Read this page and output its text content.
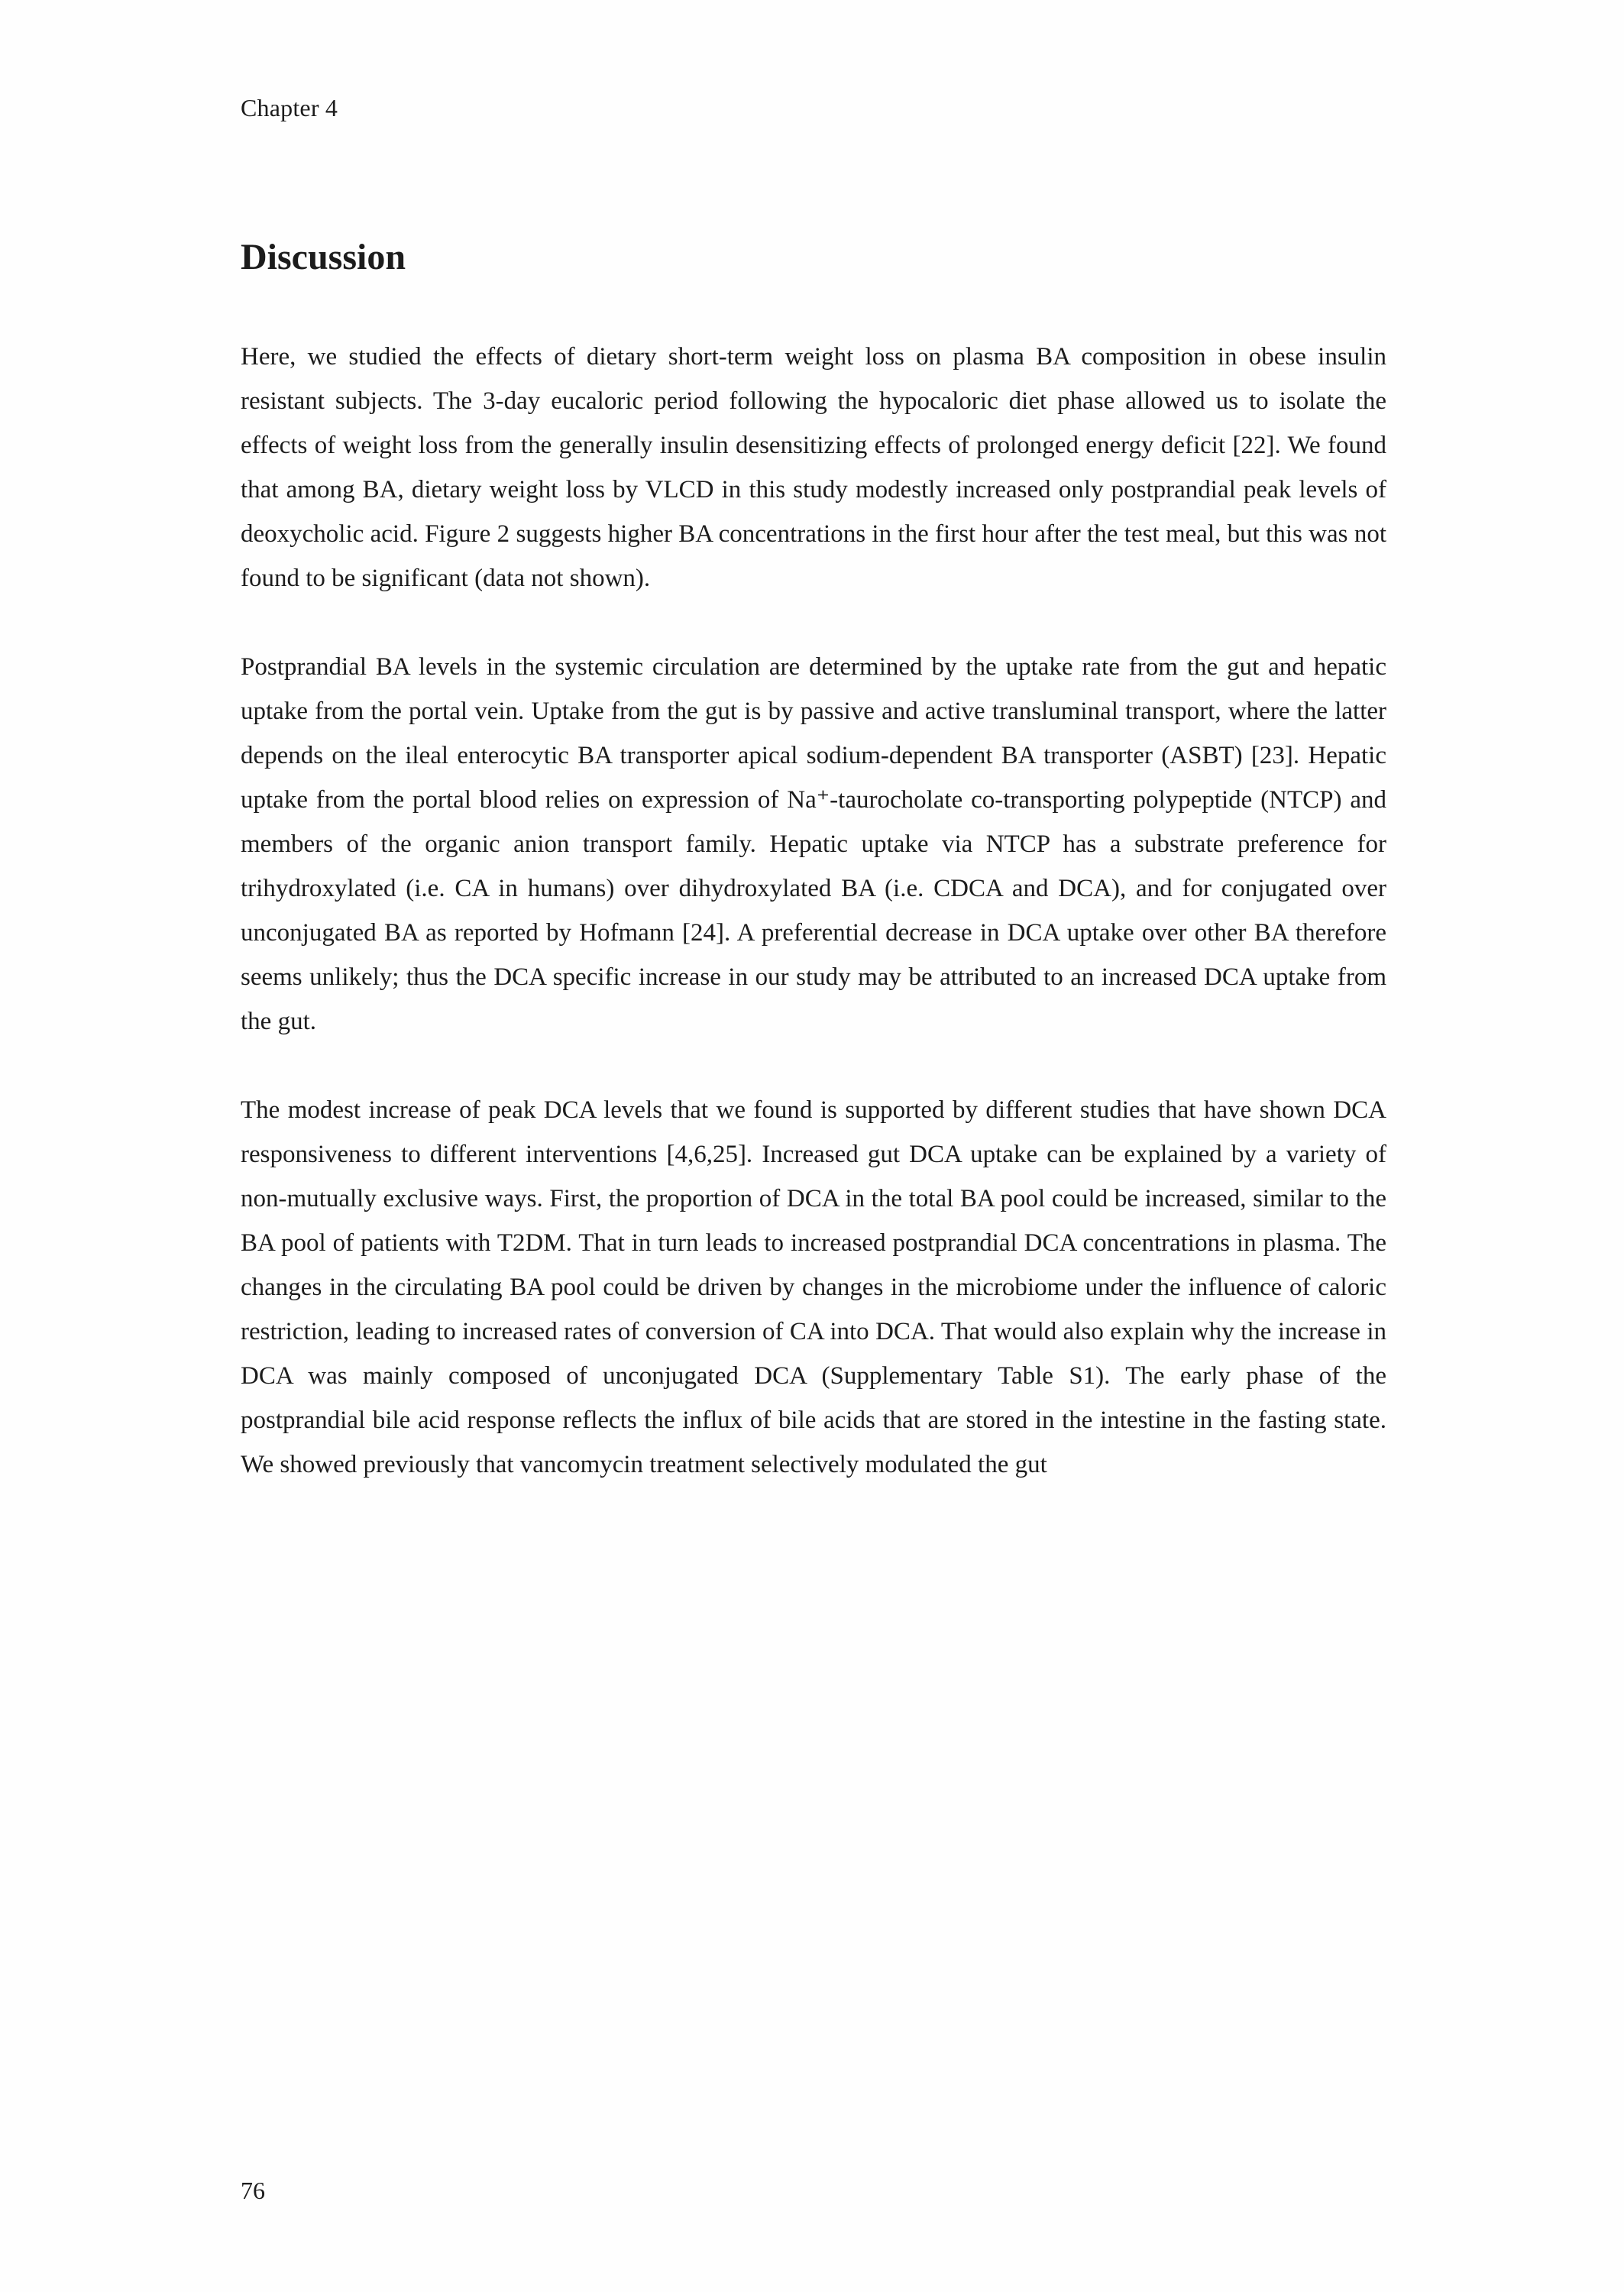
Chapter 4
Discussion

Here, we studied the effects of dietary short-term weight loss on plasma BA composition in obese insulin resistant subjects. The 3-day eucaloric period following the hypocaloric diet phase allowed us to isolate the effects of weight loss from the generally insulin desensitizing effects of prolonged energy deficit [22]. We found that among BA, dietary weight loss by VLCD in this study modestly increased only postprandial peak levels of deoxycholic acid. Figure 2 suggests higher BA concentrations in the first hour after the test meal, but this was not found to be significant (data not shown).

Postprandial BA levels in the systemic circulation are determined by the uptake rate from the gut and hepatic uptake from the portal vein. Uptake from the gut is by passive and active transluminal transport, where the latter depends on the ileal enterocytic BA transporter apical sodium-dependent BA transporter (ASBT) [23]. Hepatic uptake from the portal blood relies on expression of Na⁺-taurocholate co-transporting polypeptide (NTCP) and members of the organic anion transport family. Hepatic uptake via NTCP has a substrate preference for trihydroxylated (i.e. CA in humans) over dihydroxylated BA (i.e. CDCA and DCA), and for conjugated over unconjugated BA as reported by Hofmann [24]. A preferential decrease in DCA uptake over other BA therefore seems unlikely; thus the DCA specific increase in our study may be attributed to an increased DCA uptake from the gut.

The modest increase of peak DCA levels that we found is supported by different studies that have shown DCA responsiveness to different interventions [4,6,25]. Increased gut DCA uptake can be explained by a variety of non-mutually exclusive ways. First, the proportion of DCA in the total BA pool could be increased, similar to the BA pool of patients with T2DM. That in turn leads to increased postprandial DCA concentrations in plasma. The changes in the circulating BA pool could be driven by changes in the microbiome under the influence of caloric restriction, leading to increased rates of conversion of CA into DCA. That would also explain why the increase in DCA was mainly composed of unconjugated DCA (Supplementary Table S1). The early phase of the postprandial bile acid response reflects the influx of bile acids that are stored in the intestine in the fasting state. We showed previously that vancomycin treatment selectively modulated the gut

76
